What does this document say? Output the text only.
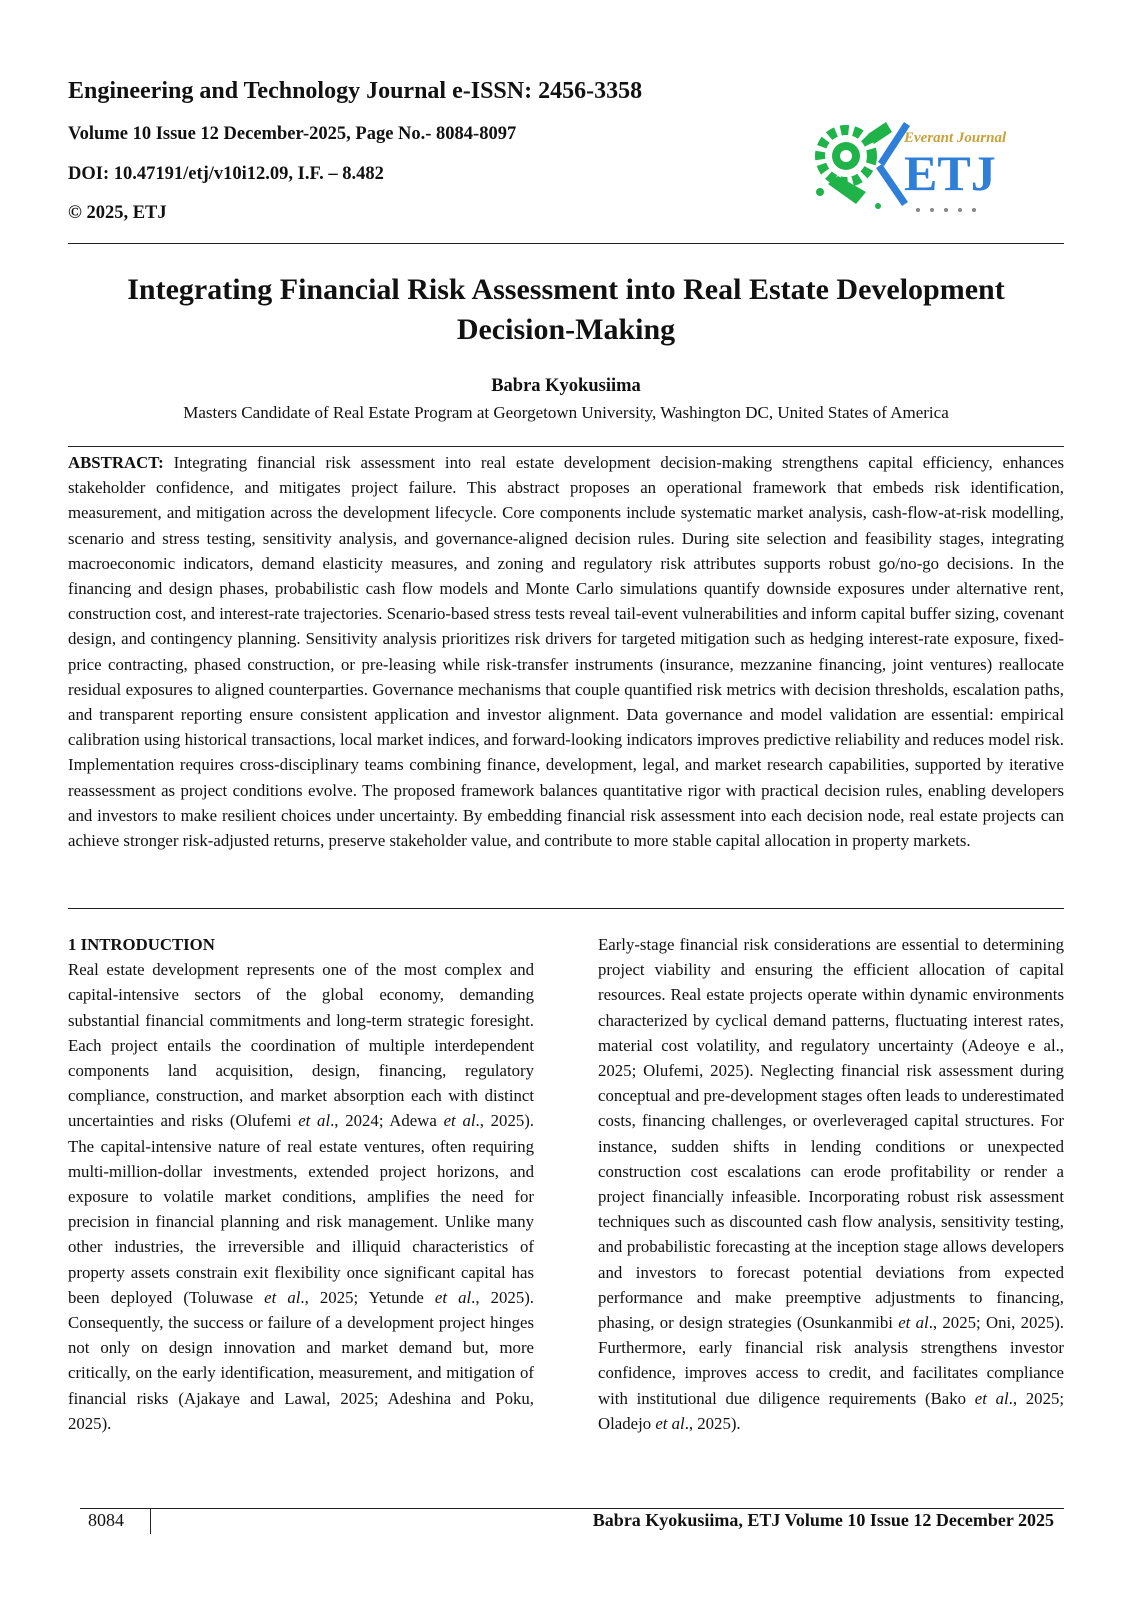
Engineering and Technology Journal e-ISSN: 2456-3358
Volume 10 Issue 12 December-2025, Page No.- 8084-8097
DOI: 10.47191/etj/v10i12.09, I.F. – 8.482
© 2025, ETJ
Everant Journal
ETJ
Integrating Financial Risk Assessment into Real Estate Development Decision-Making
Babra Kyokusiima
Masters Candidate of Real Estate Program at Georgetown University, Washington DC, United States of America
ABSTRACT: Integrating financial risk assessment into real estate development decision-making strengthens capital efficiency, enhances stakeholder confidence, and mitigates project failure. This abstract proposes an operational framework that embeds risk identification, measurement, and mitigation across the development lifecycle. Core components include systematic market analysis, cash-flow-at-risk modelling, scenario and stress testing, sensitivity analysis, and governance-aligned decision rules. During site selection and feasibility stages, integrating macroeconomic indicators, demand elasticity measures, and zoning and regulatory risk attributes supports robust go/no-go decisions. In the financing and design phases, probabilistic cash flow models and Monte Carlo simulations quantify downside exposures under alternative rent, construction cost, and interest-rate trajectories. Scenario-based stress tests reveal tail-event vulnerabilities and inform capital buffer sizing, covenant design, and contingency planning. Sensitivity analysis prioritizes risk drivers for targeted mitigation such as hedging interest-rate exposure, fixed-price contracting, phased construction, or pre-leasing while risk-transfer instruments (insurance, mezzanine financing, joint ventures) reallocate residual exposures to aligned counterparties. Governance mechanisms that couple quantified risk metrics with decision thresholds, escalation paths, and transparent reporting ensure consistent application and investor alignment. Data governance and model validation are essential: empirical calibration using historical transactions, local market indices, and forward-looking indicators improves predictive reliability and reduces model risk. Implementation requires cross-disciplinary teams combining finance, development, legal, and market research capabilities, supported by iterative reassessment as project conditions evolve. The proposed framework balances quantitative rigor with practical decision rules, enabling developers and investors to make resilient choices under uncertainty. By embedding financial risk assessment into each decision node, real estate projects can achieve stronger risk-adjusted returns, preserve stakeholder value, and contribute to more stable capital allocation in property markets.

1 INTRODUCTION

Real estate development represents one of the most complex and capital-intensive sectors of the global economy, demanding substantial financial commitments and long-term strategic foresight. Each project entails the coordination of multiple interdependent components land acquisition, design, financing, regulatory compliance, construction, and market absorption each with distinct uncertainties and risks (Olufemi et al., 2024; Adewa et al., 2025). The capital-intensive nature of real estate ventures, often requiring multi-million-dollar investments, extended project horizons, and exposure to volatile market conditions, amplifies the need for precision in financial planning and risk management. Unlike many other industries, the irreversible and illiquid characteristics of property assets constrain exit flexibility once significant capital has been deployed (Toluwase et al., 2025; Yetunde et al., 2025). Consequently, the success or failure of a development project hinges not only on design innovation and market demand but, more critically, on the early identification, measurement, and mitigation of financial risks (Ajakaye and Lawal, 2025; Adeshina and Poku, 2025).

Early-stage financial risk considerations are essential to determining project viability and ensuring the efficient allocation of capital resources. Real estate projects operate within dynamic environments characterized by cyclical demand patterns, fluctuating interest rates, material cost volatility, and regulatory uncertainty (Adeoye e al., 2025; Olufemi, 2025). Neglecting financial risk assessment during conceptual and pre-development stages often leads to underestimated costs, financing challenges, or overleveraged capital structures. For instance, sudden shifts in lending conditions or unexpected construction cost escalations can erode profitability or render a project financially infeasible. Incorporating robust risk assessment techniques such as discounted cash flow analysis, sensitivity testing, and probabilistic forecasting at the inception stage allows developers and investors to forecast potential deviations from expected performance and make preemptive adjustments to financing, phasing, or design strategies (Osunkanmibi et al., 2025; Oni, 2025). Furthermore, early financial risk analysis strengthens investor confidence, improves access to credit, and facilitates compliance with institutional due diligence requirements (Bako et al., 2025; Oladejo et al., 2025).

8084	Babra Kyokusiima, ETJ Volume 10 Issue 12 December 2025
